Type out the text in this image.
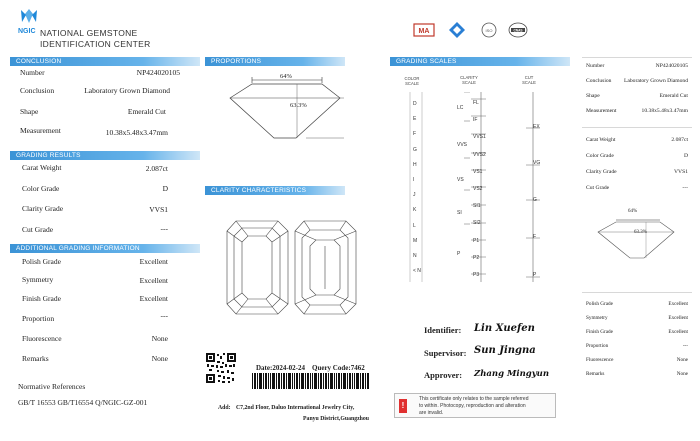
NGIC NATIONAL GEMSTONE
IDENTIFICATION CENTER
CONCLUSION
Number	NP424020105
Conclusion	Laboratory Grown Diamond
Shape	Emerald Cut
Measurement	10.38x5.48x3.47mm
GRADING RESULTS
Carat Weight	2.087ct
Color Grade	D
Clarity Grade	VVS1
Cut Grade	---
ADDITIONAL GRADING INFORMATION
Polish Grade	Excellent
Symmetry	Excellent
Finish Grade	Excellent
Proportion	---
Fluorescence	None
Remarks	None
Normative References
GB/T 16553 GB/T16554 Q/NGIC-GZ-001
PROPORTIONS
64%
63.3%
CLARITY CHARACTERISTICS
Date:2024-02-24 Query Code:7462
Add: C7,2nd Floor, Daluo International Jewelry City,
Panyu District,Guangzhou
MA	ISO	CNAS
GRADING SCALES
COLOR SCALE
CLARITY SCALE
CUT SCALE
D
E
F
G
H
I
J
K
L
M
N
< N
LC
VVS
VS
SI
P
FL
IF
VVS1
VVS2
VS1
VS2
SI1
SI2
P1
P2
P3
EX
VG
G
F
P
Identifier: Lin Xuefen
Supervisor: Sun Jingna
Approver: Zhang Mingyun
!
This certificate only relates to the sample referred
to within. Photocopy, reproduction and alteration
are invalid.
Number	NP424020105
Conclusion Laboratory Grown Diamond
Shape	Emerald Cut
Measurement	10.38x5.48x3.47mm
Carat Weight	2.087ct
Color Grade	D
Clarity Grade	VVS1
Cut Grade	---
64%
63.3%
Polish Grade	Excellent
Symmetry	Excellent
Finish Grade	Excellent
Proportion	---
Fluorescence	None
Remarks	None
